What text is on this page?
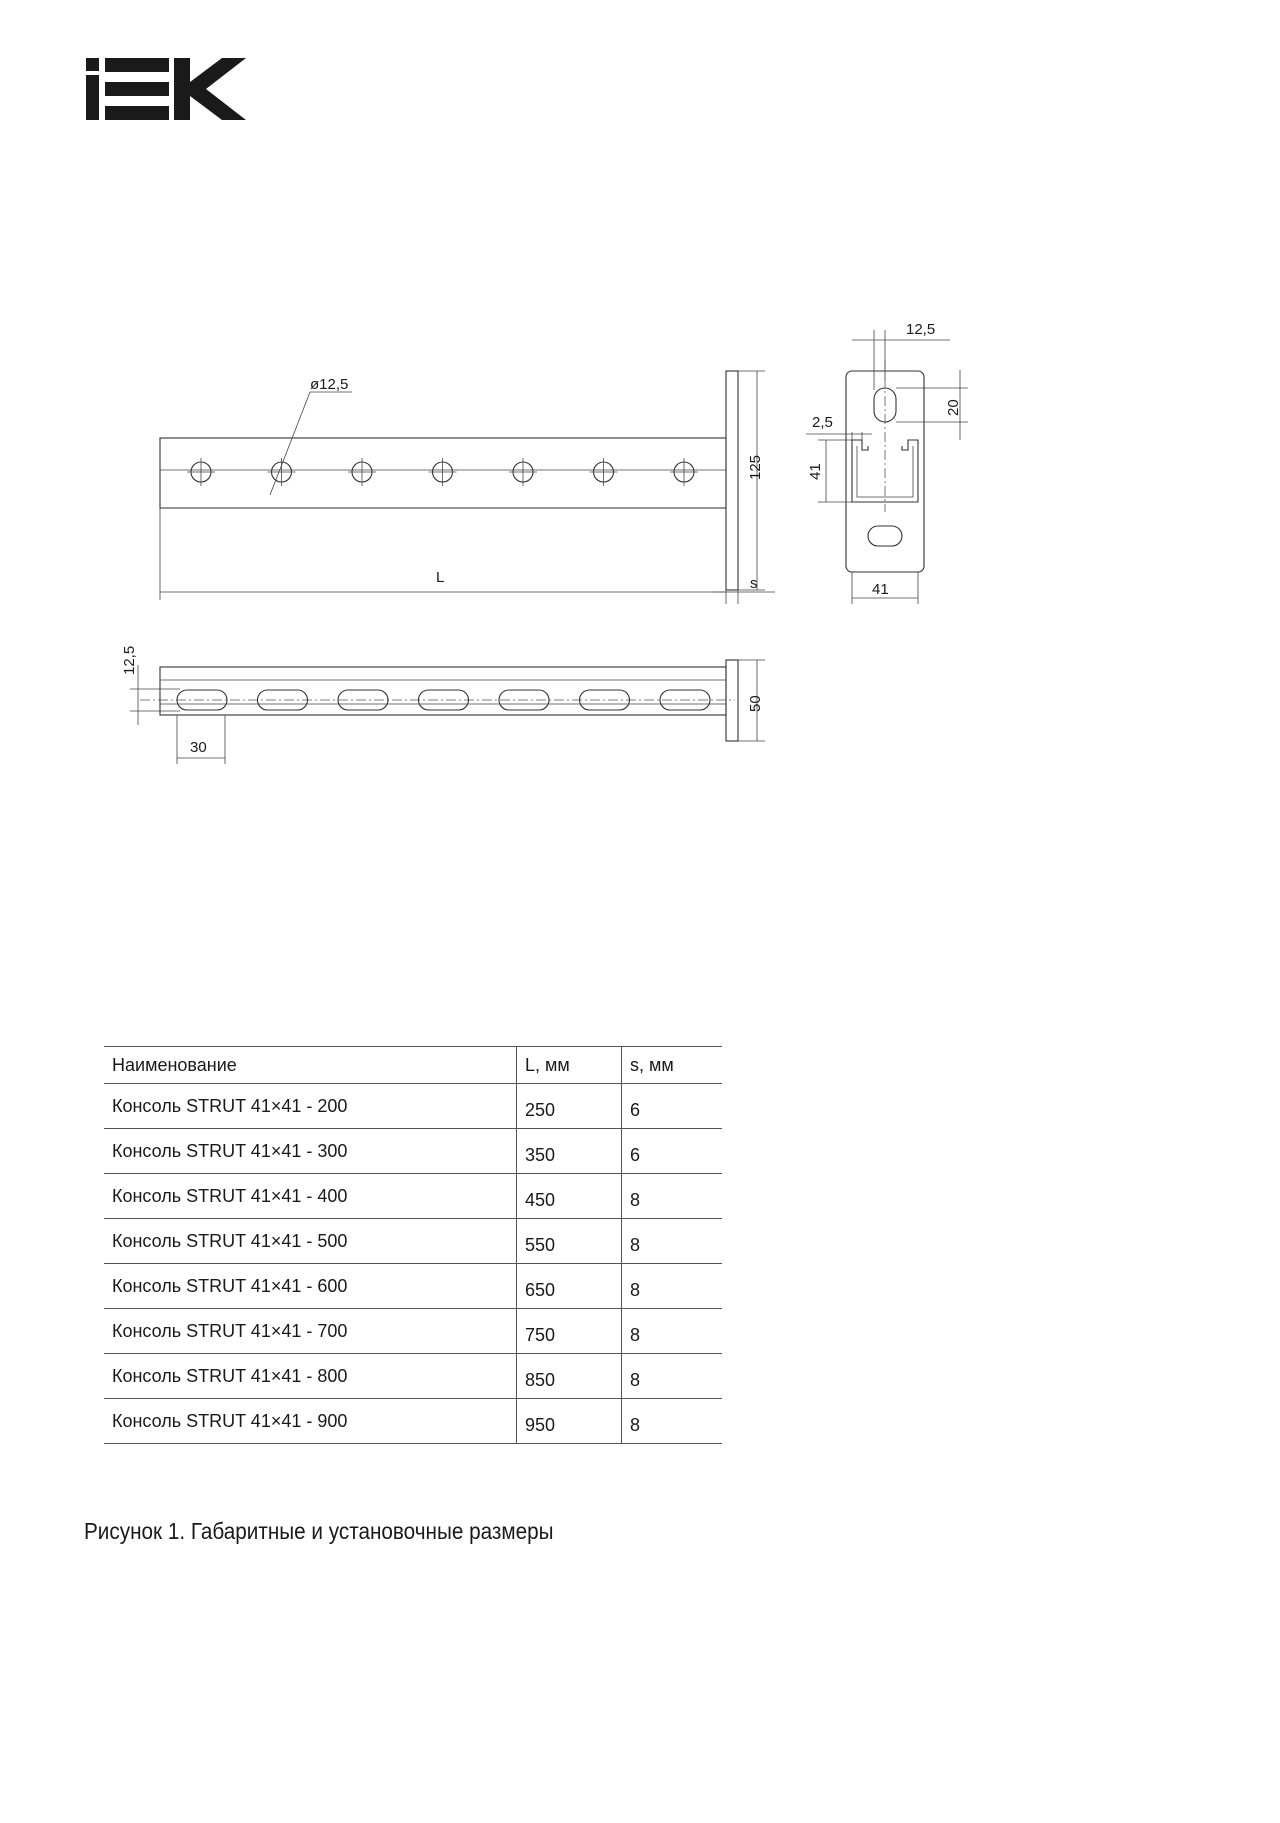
ø12,5
125
L	s
12,5
30
50
12,5
20
2,5
41
41
Наименование	L, мм	s, мм
Консоль STRUT 41×41 - 200	250	6
Консоль STRUT 41×41 - 300	350	6
Консоль STRUT 41×41 - 400	450	8
Консоль STRUT 41×41 - 500	550	8
Консоль STRUT 41×41 - 600	650	8
Консоль STRUT 41×41 - 700	750	8
Консоль STRUT 41×41 - 800	850	8
Консоль STRUT 41×41 - 900	950	8
Рисунок 1. Габаритные и установочные размеры
